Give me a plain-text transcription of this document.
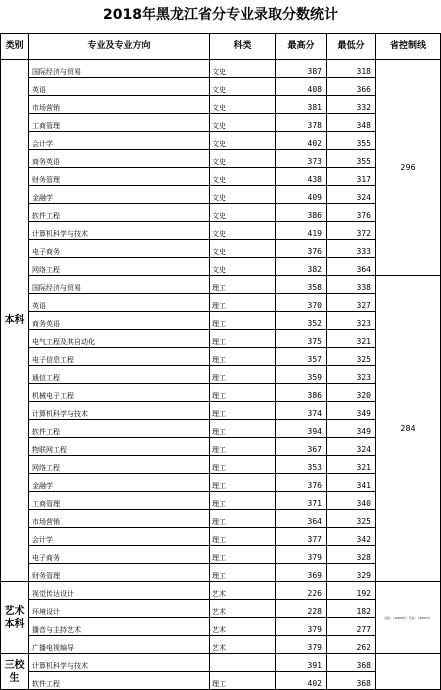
2018年黑龙江省分专业录取分数统计
类别	专业及专业方向	科类	最高分	最低分	省控制线
本科	国际经济与贸易	文史	387	318	296
	英语	文史	408	366	
	市场营销	文史	381	332	
	工商管理	文史	378	348	
	会计学	文史	402	355	
	商务英语	文史	373	355	
	财务管理	文史	438	317	
	金融学	文史	409	324	
	软件工程	文史	386	376	
	计算机科学与技术	文史	419	372	
	电子商务	文史	376	333	
	网络工程	文史	382	364	
	国际经济与贸易	理工	358	338	284
	英语	理工	370	327	
	商务英语	理工	352	323	
	电气工程及其自动化	理工	375	321	
	电子信息工程	理工	357	325	
	通信工程	理工	359	323	
	机械电子工程	理工	386	320	
	计算机科学与技术	理工	374	349	
	软件工程	理工	394	349	
	物联网工程	理工	367	324	
	网络工程	理工	353	321	
	金融学	理工	376	341	
	工商管理	理工	371	340	
	市场营销	理工	364	325	
	会计学	理工	377	342	
	电子商务	理工	379	328	
	财务管理	理工	369	329	
艺术本科	视觉传达设计	艺术	226	192	文化：（≥200分）专业：（≥XX分）
	环境设计	艺术	228	182	
	播音与主持艺术	艺术	379	277	
	广播电视编导	艺术	379	262	
三校生	计算机科学与技术		391	368	
	软件工程	理工	402	368	
